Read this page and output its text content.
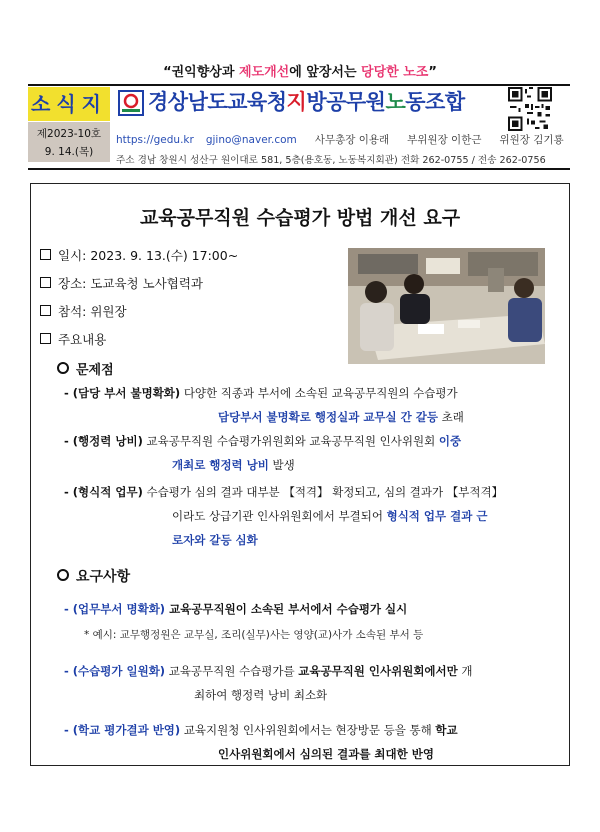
“권익향상과 제도개선에 앞장서는 당당한 노조”
소식지
제2023-10호
9. 14.(목)
경상남도교육청지방공무원노동조합
https://gedu.kr gjino@naver.com 사무총장 이용래 부위원장 이한근 위원장 김기룡
주소 경남 창원시 성산구 원이대로 581, 5층(용호동, 노동복지회관) 전화 262-0755 / 전송 262-0756
교육공무직원 수습평가 방법 개선 요구
일시: 2023. 9. 13.(수) 17:00~
장소: 도교육청 노사협력과
참석: 위원장
주요내용
문제점
- (담당 부서 불명확화) 다양한 직종과 부서에 소속된 교육공무직원의 수습평가
담당부서 불명확로 행정실과 교무실 간 갈등 초래
- (행정력 낭비) 교육공무직원 수습평가위원회와 교육공무직원 인사위원회 이중
개최로 행정력 낭비 발생
- (형식적 업무) 수습평가 심의 결과 대부분 【적격】 확정되고, 심의 결과가 【부적격】
이라도 상급기관 인사위원회에서 부결되어 형식적 업무 결과 근
로자와 갈등 심화
요구사항
- (업무부서 명확화) 교육공무직원이 소속된 부서에서 수습평가 실시
* 예시: 교무행정원은 교무실, 조리(실무)사는 영양(교)사가 소속된 부서 등
- (수습평가 일원화) 교육공무직원 수습평가를 교육공무직원 인사위원회에서만 개
최하여 행정력 낭비 최소화
- (학교 평가결과 반영) 교육지원청 인사위원회에서는 현장방문 등을 통해 학교
인사위원회에서 심의된 결과를 최대한 반영
